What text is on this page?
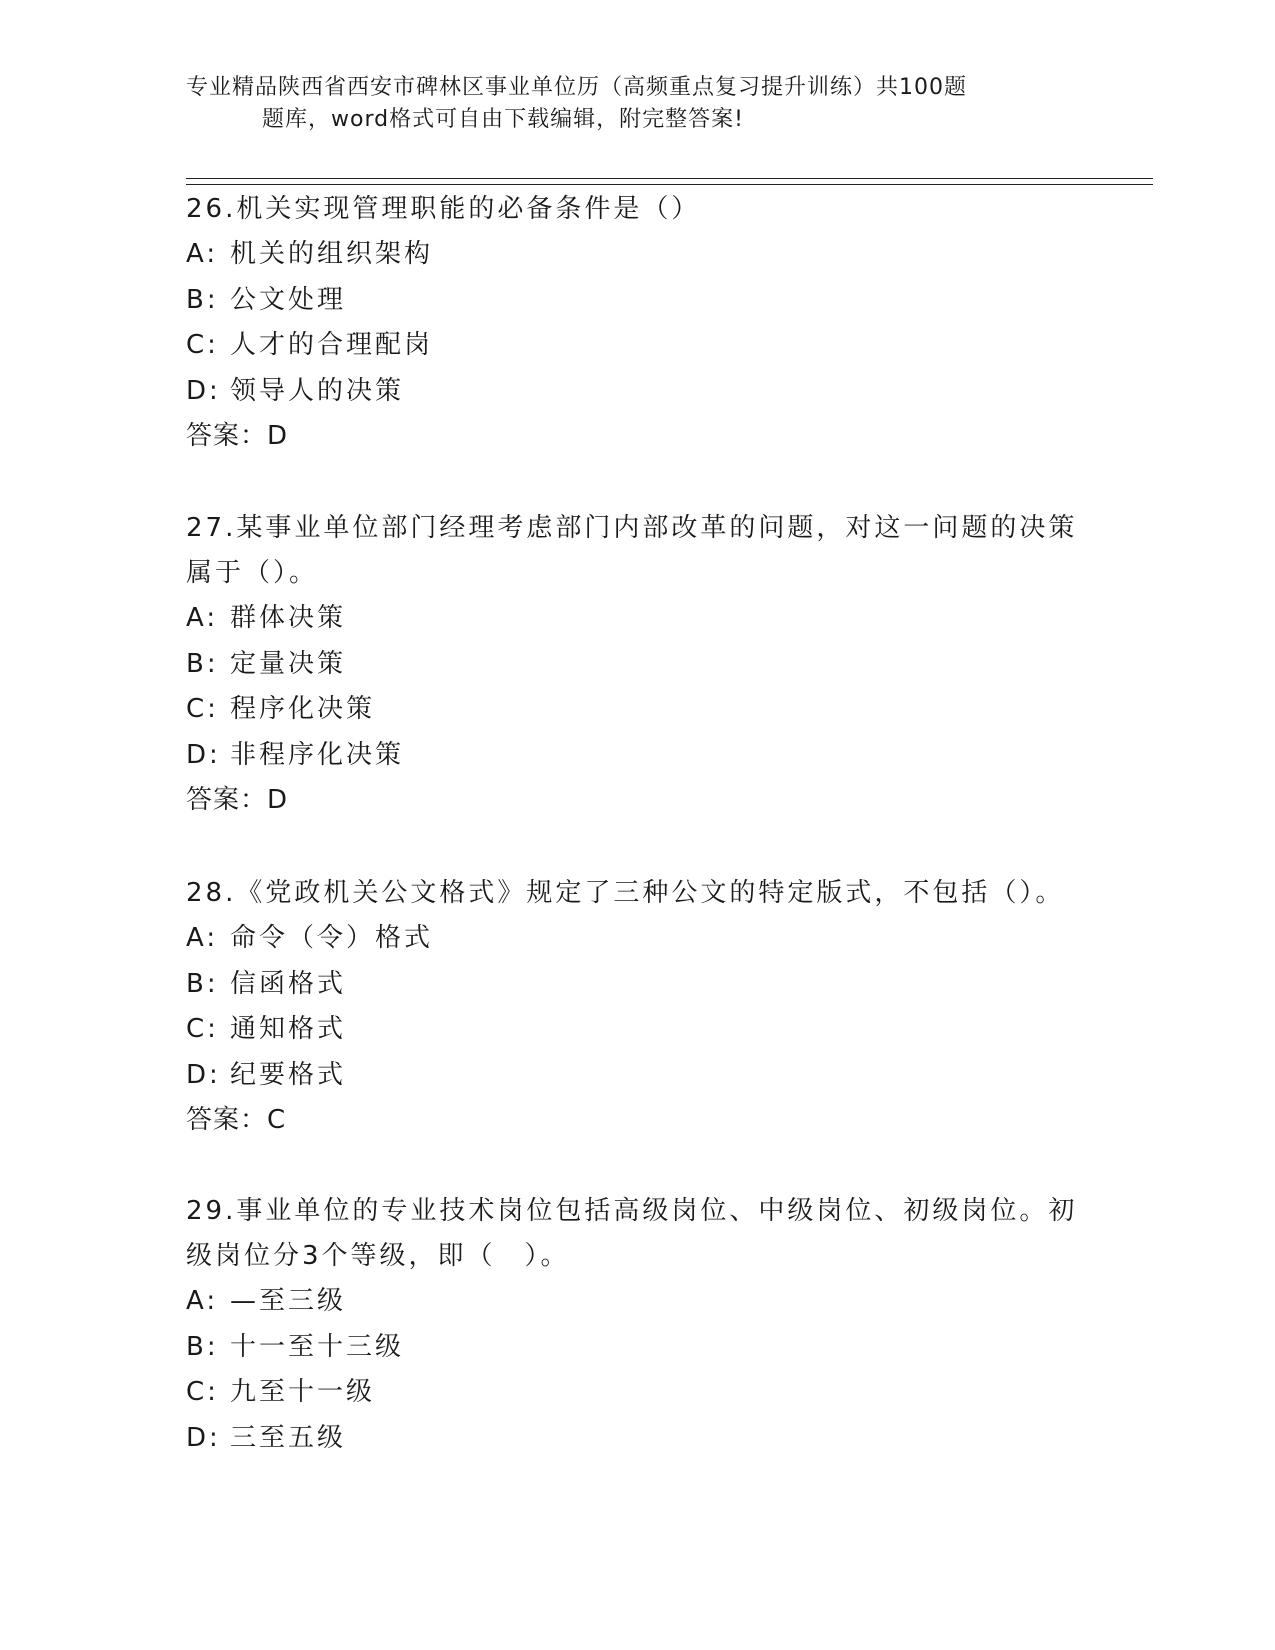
专业精品陕西省西安市碑林区事业单位历（高频重点复习提升训练）共100题
题库，word格式可自由下载编辑，附完整答案!

26.机关实现管理职能的必备条件是（）

A: 机关的组织架构

B: 公文处理

C: 人才的合理配岗

D: 领导人的决策

答案：D

27.某事业单位部门经理考虑部门内部改革的问题，对这一问题的决策属于（）。

A: 群体决策

B: 定量决策

C: 程序化决策

D: 非程序化决策

答案：D

28.《党政机关公文格式》规定了三种公文的特定版式，不包括（）。

A: 命令（令）格式

B: 信函格式

C: 通知格式

D: 纪要格式

答案：C

29.事业单位的专业技术岗位包括高级岗位、中级岗位、初级岗位。初级岗位分3个等级，即（　）。

A: —至三级

B: 十一至十三级

C: 九至十一级

D: 三至五级
